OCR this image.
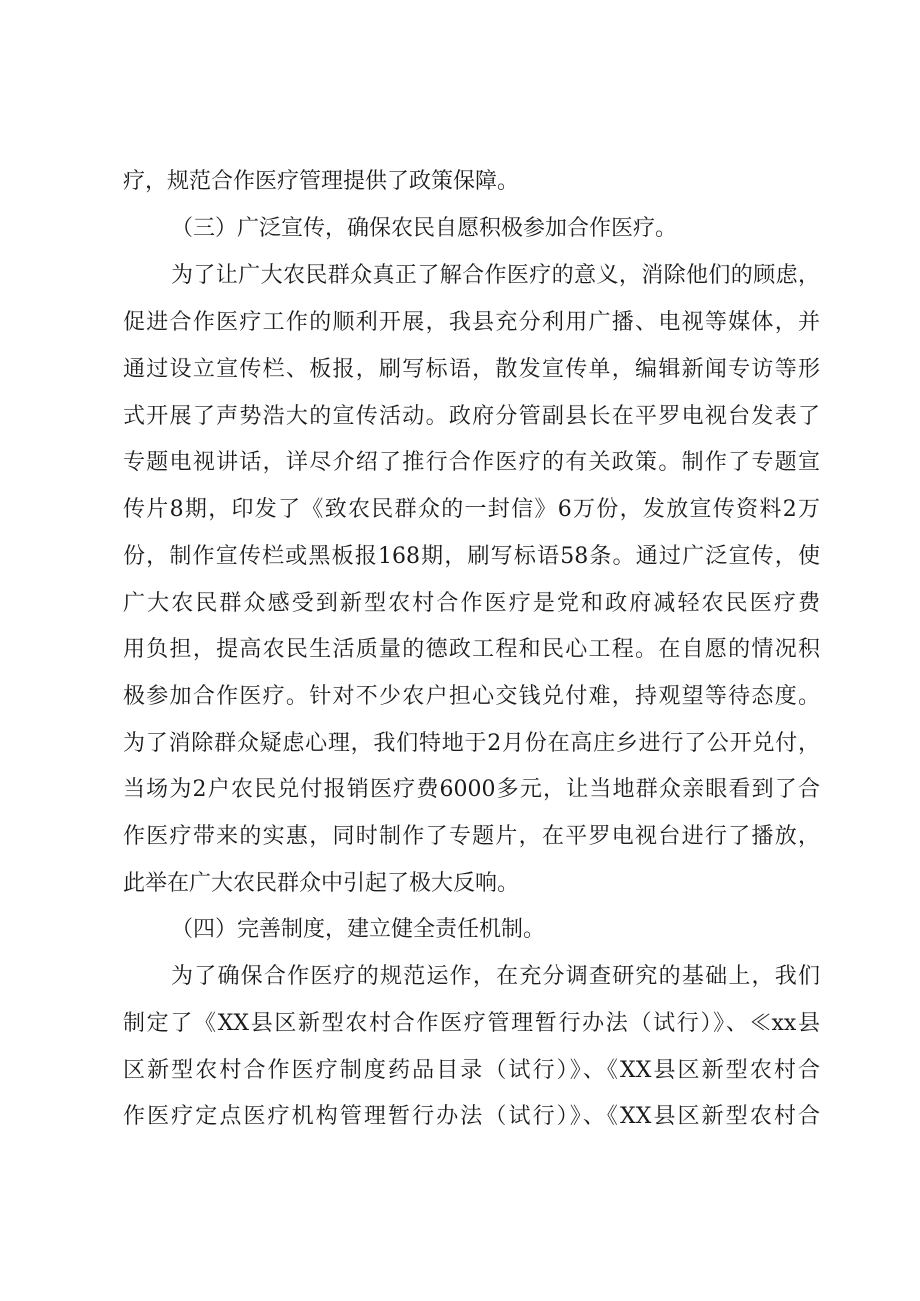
疗，规范合作医疗管理提供了政策保障。
（三）广泛宣传，确保农民自愿积极参加合作医疗。
为了让广大农民群众真正了解合作医疗的意义，消除他们的顾虑，
促进合作医疗工作的顺利开展，我县充分利用广播、电视等媒体，并
通过设立宣传栏、板报，刷写标语，散发宣传单，编辑新闻专访等形
式开展了声势浩大的宣传活动。政府分管副县长在平罗电视台发表了
专题电视讲话，详尽介绍了推行合作医疗的有关政策。制作了专题宣
传片8期，印发了《致农民群众的一封信》6万份，发放宣传资料2万
份，制作宣传栏或黑板报168期，刷写标语58条。通过广泛宣传，使
广大农民群众感受到新型农村合作医疗是党和政府减轻农民医疗费
用负担，提高农民生活质量的德政工程和民心工程。在自愿的情况积
极参加合作医疗。针对不少农户担心交钱兑付难，持观望等待态度。
为了消除群众疑虑心理，我们特地于2月份在高庄乡进行了公开兑付，
当场为2户农民兑付报销医疗费6000多元，让当地群众亲眼看到了合
作医疗带来的实惠，同时制作了专题片，在平罗电视台进行了播放，
此举在广大农民群众中引起了极大反响。
（四）完善制度，建立健全责任机制。
为了确保合作医疗的规范运作，在充分调查研究的基础上，我们
制定了《XX县区新型农村合作医疗管理暂行办法（试行）》、≪xx县
区新型农村合作医疗制度药品目录（试行）》、《XX县区新型农村合
作医疗定点医疗机构管理暂行办法（试行）》、《XX县区新型农村合
